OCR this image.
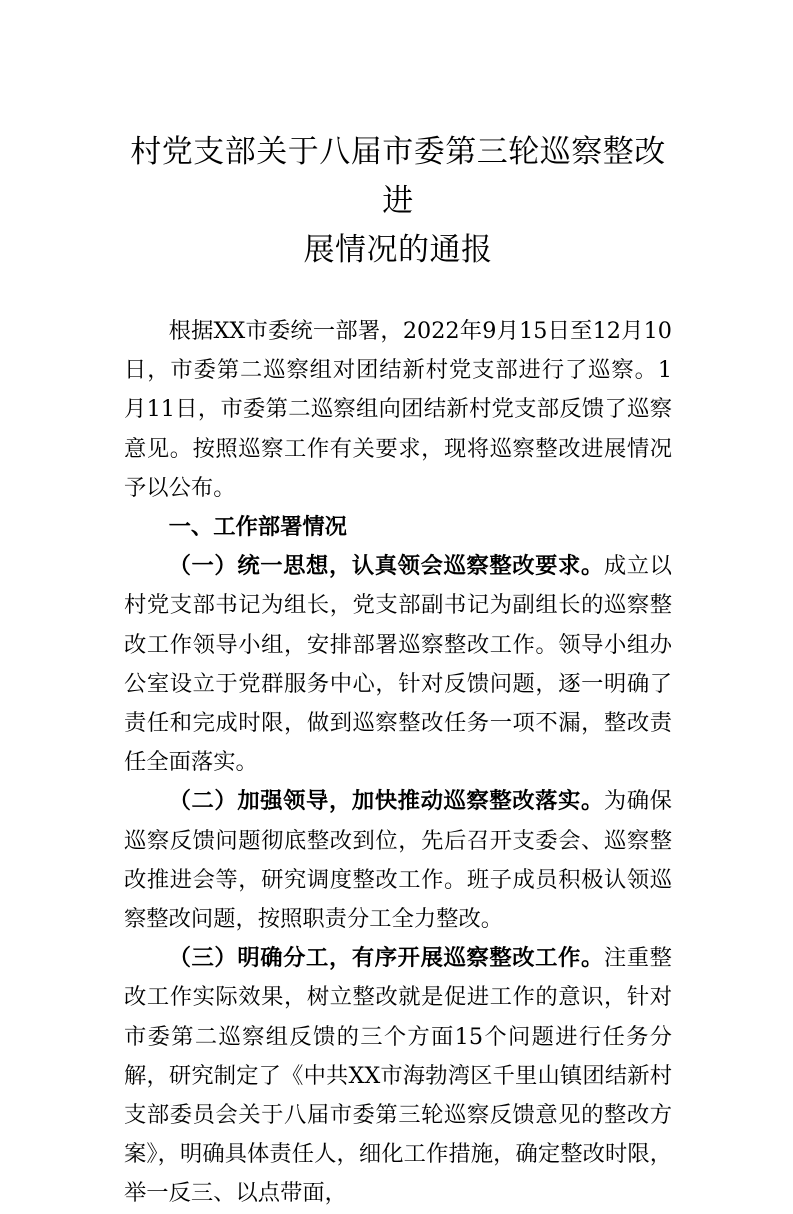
村党支部关于八届市委第三轮巡察整改进
展情况的通报

根据XX市委统一部署，2022年9月15日至12月10日，市委第二巡察组对团结新村党支部进行了巡察。1月11日，市委第二巡察组向团结新村党支部反馈了巡察意见。按照巡察工作有关要求，现将巡察整改进展情况予以公布。

一、工作部署情况

（一）统一思想，认真领会巡察整改要求。成立以村党支部书记为组长，党支部副书记为副组长的巡察整改工作领导小组，安排部署巡察整改工作。领导小组办公室设立于党群服务中心，针对反馈问题，逐一明确了责任和完成时限，做到巡察整改任务一项不漏，整改责任全面落实。

（二）加强领导，加快推动巡察整改落实。为确保巡察反馈问题彻底整改到位，先后召开支委会、巡察整改推进会等，研究调度整改工作。班子成员积极认领巡察整改问题，按照职责分工全力整改。

（三）明确分工，有序开展巡察整改工作。注重整改工作实际效果，树立整改就是促进工作的意识，针对市委第二巡察组反馈的三个方面15个问题进行任务分解，研究制定了《中共XX市海勃湾区千里山镇团结新村支部委员会关于八届市委第三轮巡察反馈意见的整改方案》，明确具体责任人，细化工作措施，确定整改时限，举一反三、以点带面，
